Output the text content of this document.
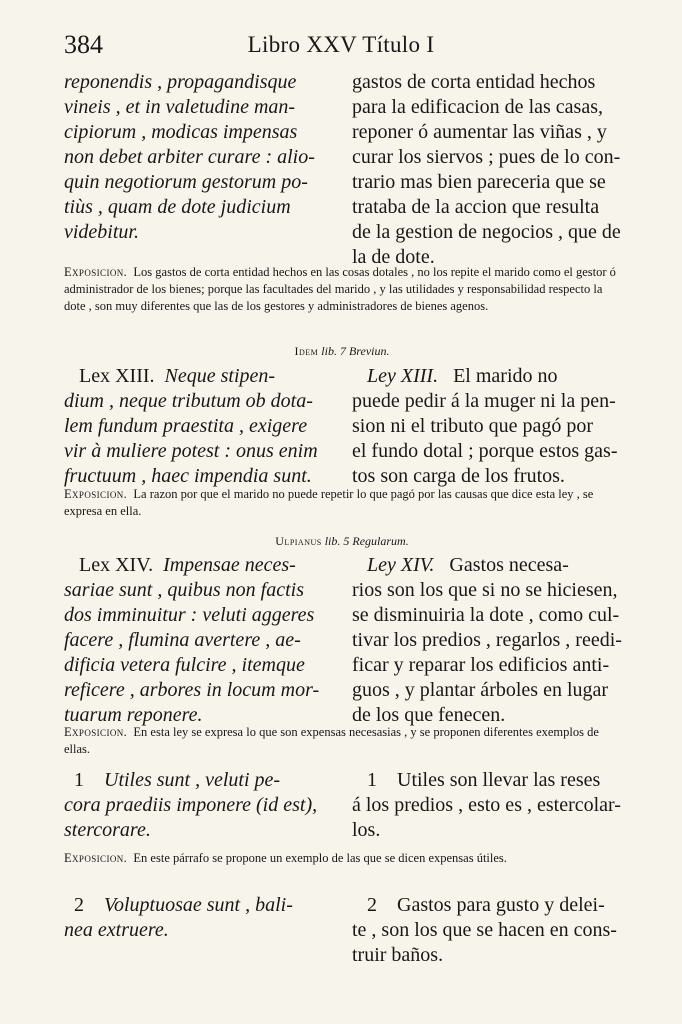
384	Libro XXV Título I
reponendis , propagandisque
vineis , et in valetudine man-
cipiorum , modicas impensas
non debet arbiter curare : alio-
quin negotiorum gestorum po-
tiùs , quam de dote judicium
videbitur.
gastos de corta entidad hechos
para la edificacion de las casas,
reponer ó aumentar las viñas , y
curar los siervos ; pues de lo con-
trario mas bien pareceria que se
trataba de la accion que resulta
de la gestion de negocios , que de
la de dote.
Exposicion. Los gastos de corta entidad hechos en las cosas dotales , no los repite el marido como el gestor ó administrador de los bienes; porque las facultades del marido , y las utilidades y responsabilidad respecto la dote , son muy diferentes que las de los gestores y administradores de bienes agenos.
Idem lib. 7 Breviun.
Lex XIII. Neque stipen-
dium , neque tributum ob dota-
lem fundum praestita , exigere
vir à muliere potest : onus enim
fructuum , haec impendia sunt.
Ley XIII. El marido no
puede pedir á la muger ni la pen-
sion ni el tributo que pagó por
el fundo dotal ; porque estos gas-
tos son carga de los frutos.
Exposicion. La razon por que el marido no puede repetir lo que pagó por las causas que dice esta ley , se expresa en ella.
Ulpianus lib. 5 Regularum.
Lex XIV. Impensae neces-
sariae sunt , quibus non factis
dos imminuitur : veluti aggeres
facere , flumina avertere , ae-
dificia vetera fulcire , itemque
reficere , arbores in locum mor-
tuarum reponere.
Ley XIV. Gastos necesa-
rios son los que si no se hiciesen,
se disminuiria la dote , como cul-
tivar los predios , regarlos , reedi-
ficar y reparar los edificios anti-
guos , y plantar árboles en lugar
de los que fenecen.
Exposicion. En esta ley se expresa lo que son expensas necesasias , y se proponen diferentes exemplos de ellas.
1 Utiles sunt , veluti pe-
cora praediis imponere (id est),
stercorare.
1 Utiles son llevar las reses
á los predios , esto es , estercolar-
los.
Exposicion. En este párrafo se propone un exemplo de las que se dicen expensas útiles.
2 Voluptuosae sunt , bali-
nea extruere.
2 Gastos para gusto y delei-
te , son los que se hacen en cons-
truir baños.
